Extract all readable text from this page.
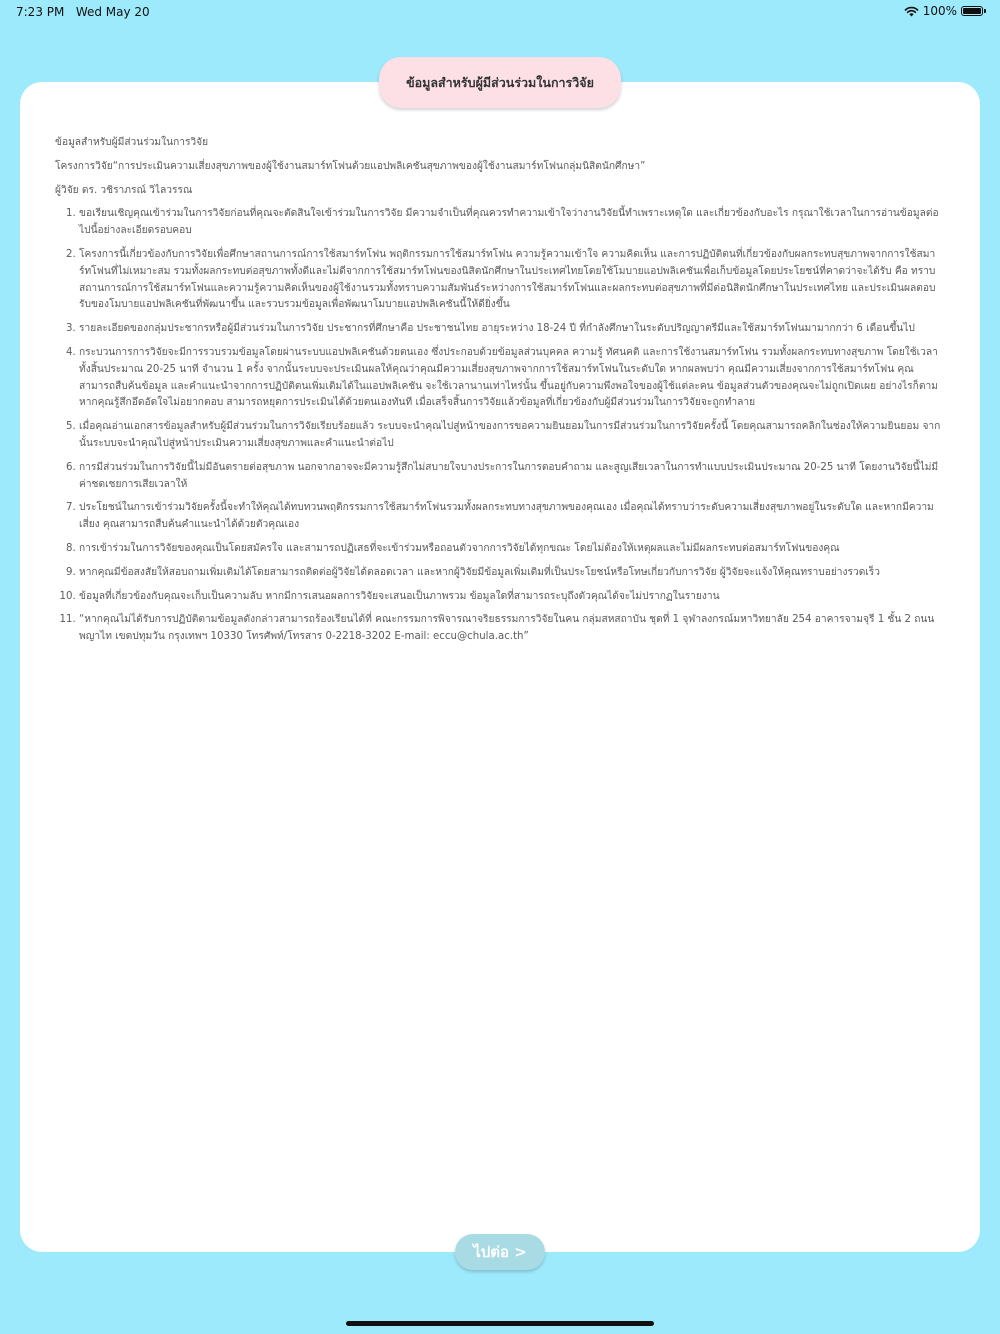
7:23 PM Wed May 20	100%
ข้อมูลสำหรับผู้มีส่วนร่วมในการวิจัย

ข้อมูลสำหรับผู้มีส่วนร่วมในการวิจัย

โครงการวิจัย“การประเมินความเสี่ยงสุขภาพของผู้ใช้งานสมาร์ทโฟนด้วยแอปพลิเคชันสุขภาพของผู้ใช้งานสมาร์ทโฟนกลุ่มนิสิตนักศึกษา”

ผู้วิจัย ดร. วชิราภรณ์ วิไลวรรณ

1. ขอเรียนเชิญคุณเข้าร่วมในการวิจัยก่อนที่คุณจะตัดสินใจเข้าร่วมในการวิจัย มีความจำเป็นที่คุณควรทำความเข้าใจว่างานวิจัยนี้ทำเพราะเหตุใด และเกี่ยวข้องกับอะไร กรุณาใช้เวลาในการอ่านข้อมูลต่อไปนี้อย่างละเอียดรอบคอบ
2. โครงการนี้เกี่ยวข้องกับการวิจัยเพื่อศึกษาสถานการณ์การใช้สมาร์ทโฟน พฤติกรรมการใช้สมาร์ทโฟน ความรู้ความเข้าใจ ความคิดเห็น และการปฏิบัติตนที่เกี่ยวข้องกับผลกระทบสุขภาพจากการใช้สมาร์ทโฟนที่ไม่เหมาะสม รวมทั้งผลกระทบต่อสุขภาพทั้งดีและไม่ดีจากการใช้สมาร์ทโฟนของนิสิตนักศึกษาในประเทศไทยโดยใช้โมบายแอปพลิเคชันเพื่อเก็บข้อมูลโดยประโยชน์ที่คาดว่าจะได้รับ คือ ทราบสถานการณ์การใช้สมาร์ทโฟนและความรู้ความคิดเห็นของผู้ใช้งานรวมทั้งทราบความสัมพันธ์ระหว่างการใช้สมาร์ทโฟนและผลกระทบต่อสุขภาพที่มีต่อนิสิตนักศึกษาในประเทศไทย และประเมินผลตอบรับของโมบายแอปพลิเคชันที่พัฒนาขึ้น และรวบรวมข้อมูลเพื่อพัฒนาโมบายแอปพลิเคชันนี้ให้ดียิ่งขึ้น
3. รายละเอียดของกลุ่มประชากรหรือผู้มีส่วนร่วมในการวิจัย ประชากรที่ศึกษาคือ ประชาชนไทย อายุระหว่าง 18-24 ปี ที่กำลังศึกษาในระดับปริญญาตรีมีและใช้สมาร์ทโฟนมามากกว่า 6 เดือนขึ้นไป
4. กระบวนการการวิจัยจะมีการรวบรวมข้อมูลโดยผ่านระบบแอปพลิเคชันด้วยตนเอง ซึ่งประกอบด้วยข้อมูลส่วนบุคคล ความรู้ ทัศนคติ และการใช้งานสมาร์ทโฟน รวมทั้งผลกระทบทางสุขภาพ โดยใช้เวลาทั้งสิ้นประมาณ 20-25 นาที จำนวน 1 ครั้ง จากนั้นระบบจะประเมินผลให้คุณว่าคุณมีความเสี่ยงสุขภาพจากการใช้สมาร์ทโฟนในระดับใด หากผลพบว่า คุณมีความเสี่ยงจากการใช้สมาร์ทโฟน คุณสามารถสืบค้นข้อมูล และคำแนะนำจากการปฏิบัติตนเพิ่มเติมได้ในแอปพลิเคชัน จะใช้เวลานานเท่าไหร่นั้น ขึ้นอยู่กับความพึงพอใจของผู้ใช้แต่ละคน ข้อมูลส่วนตัวของคุณจะไม่ถูกเปิดเผย อย่างไรก็ตามหากคุณรู้สึกอึดอัดใจไม่อยากตอบ สามารถหยุดการประเมินได้ด้วยตนเองทันที เมื่อเสร็จสิ้นการวิจัยแล้วข้อมูลที่เกี่ยวข้องกับผู้มีส่วนร่วมในการวิจัยจะถูกทำลาย
5. เมื่อคุณอ่านเอกสารข้อมูลสำหรับผู้มีส่วนร่วมในการวิจัยเรียบร้อยแล้ว ระบบจะนำคุณไปสู่หน้าของการขอความยินยอมในการมีส่วนร่วมในการวิจัยครั้งนี้ โดยคุณสามารถคลิกในช่องให้ความยินยอม จากนั้นระบบจะนำคุณไปสู่หน้าประเมินความเสี่ยงสุขภาพและคำแนะนำต่อไป
6. การมีส่วนร่วมในการวิจัยนี้ไม่มีอันตรายต่อสุขภาพ นอกจากอาจจะมีความรู้สึกไม่สบายใจบางประการในการตอบคำถาม และสูญเสียเวลาในการทำแบบประเมินประมาณ 20-25 นาที โดยงานวิจัยนี้ไม่มีค่าชดเชยการเสียเวลาให้
7. ประโยชน์ในการเข้าร่วมวิจัยครั้งนี้จะทำให้คุณได้ทบทวนพฤติกรรมการใช้สมาร์ทโฟนรวมทั้งผลกระทบทางสุขภาพของคุณเอง เมื่อคุณได้ทราบว่าระดับความเสี่ยงสุขภาพอยู่ในระดับใด และหากมีความเสี่ยง คุณสามารถสืบค้นคำแนะนำได้ด้วยตัวคุณเอง
8. การเข้าร่วมในการวิจัยของคุณเป็นโดยสมัครใจ และสามารถปฏิเสธที่จะเข้าร่วมหรือถอนตัวจากการวิจัยได้ทุกขณะ โดยไม่ต้องให้เหตุผลและไม่มีผลกระทบต่อสมาร์ทโฟนของคุณ
9. หากคุณมีข้อสงสัยให้สอบถามเพิ่มเติมได้โดยสามารถติดต่อผู้วิจัยได้ตลอดเวลา และหากผู้วิจัยมีข้อมูลเพิ่มเติมที่เป็นประโยชน์หรือโทษเกี่ยวกับการวิจัย ผู้วิจัยจะแจ้งให้คุณทราบอย่างรวดเร็ว
10. ข้อมูลที่เกี่ยวข้องกับคุณจะเก็บเป็นความลับ หากมีการเสนอผลการวิจัยจะเสนอเป็นภาพรวม ข้อมูลใดที่สามารถระบุถึงตัวคุณได้จะไม่ปรากฏในรายงาน
11. “หากคุณไม่ได้รับการปฏิบัติตามข้อมูลดังกล่าวสามารถร้องเรียนได้ที่ คณะกรรมการพิจารณาจริยธรรมการวิจัยในคน กลุ่มสหสถาบัน ชุดที่ 1 จุฬาลงกรณ์มหาวิทยาลัย 254 อาคารจามจุรี 1 ชั้น 2 ถนนพญาไท เขตปทุมวัน กรุงเทพฯ 10330 โทรศัพท์/โทรสาร 0-2218-3202 E-mail: eccu@chula.ac.th”
ไปต่อ >
